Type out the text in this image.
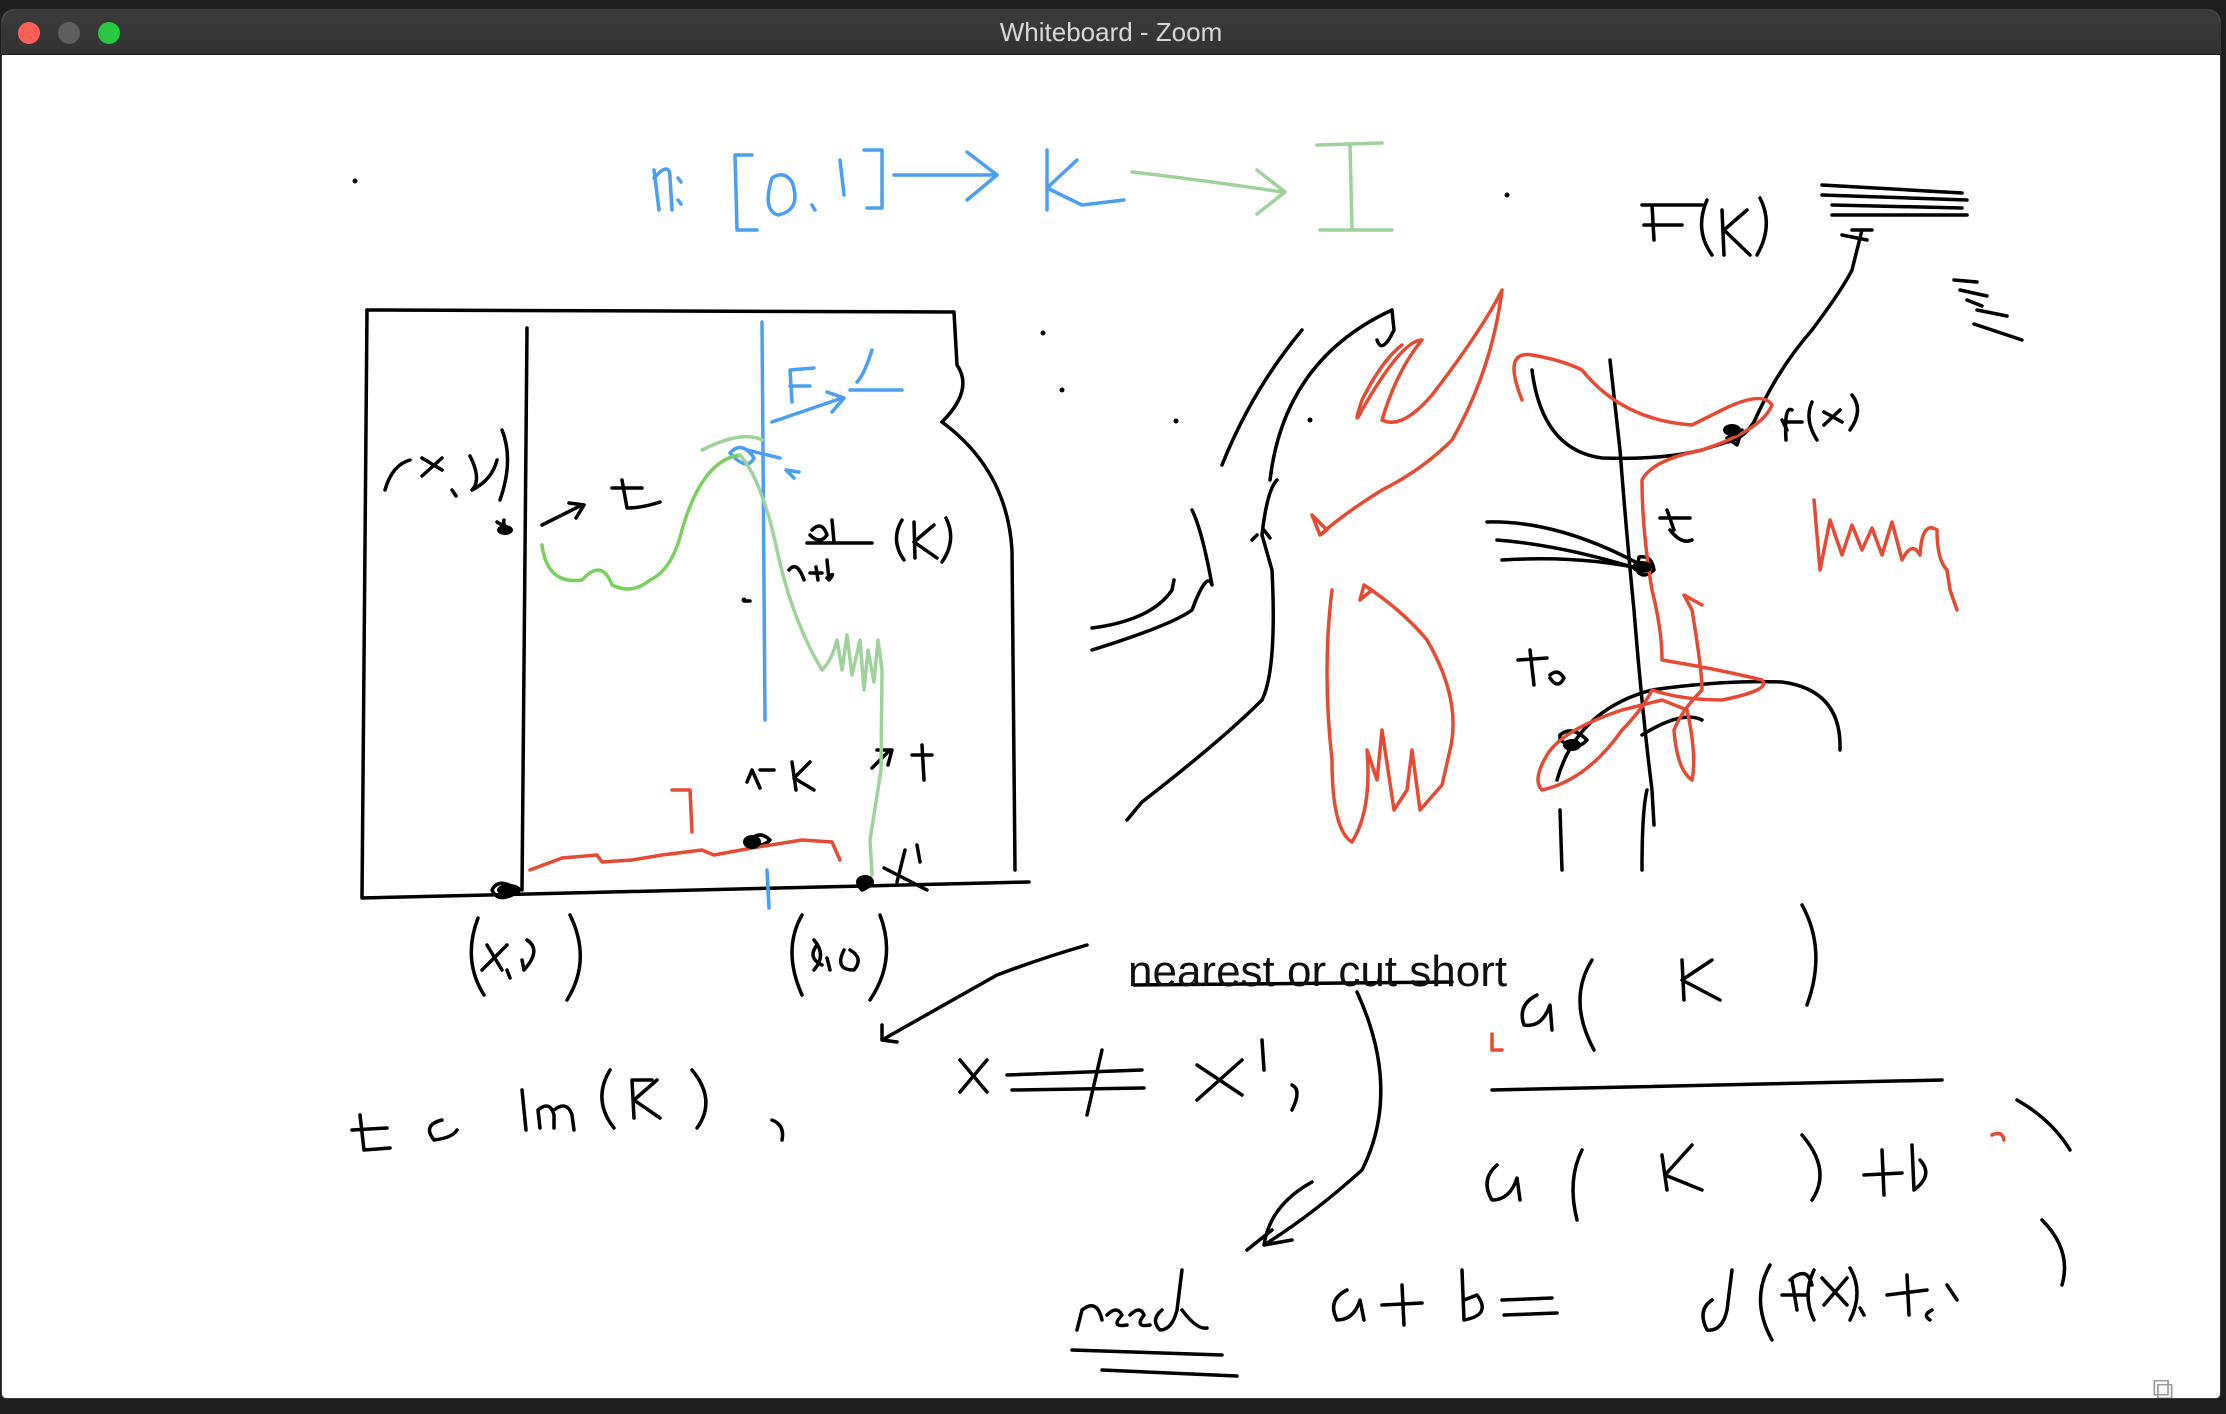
Whiteboard - Zoom
nearest or cut short
⧉
